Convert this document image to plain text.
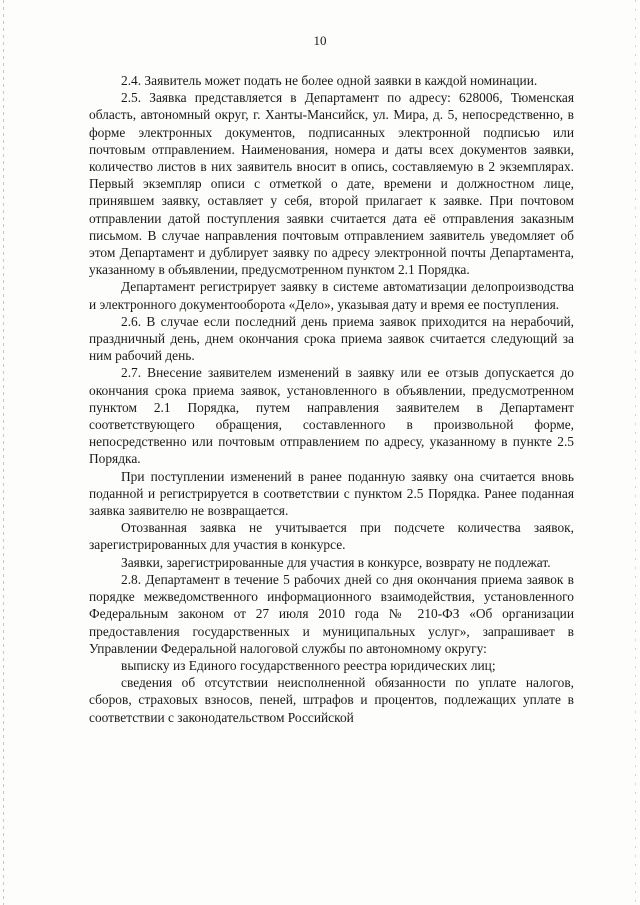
10

2.4. Заявитель может подать не более одной заявки в каждой номинации.

2.5. Заявка представляется в Департамент по адресу: 628006, Тюменская область, автономный округ, г. Ханты-Мансийск, ул. Мира, д. 5, непосредственно, в форме электронных документов, подписанных электронной подписью или почтовым отправлением. Наименования, номера и даты всех документов заявки, количество листов в них заявитель вносит в опись, составляемую в 2 экземплярах. Первый экземпляр описи с отметкой о дате, времени и должностном лице, принявшем заявку, оставляет у себя, второй прилагает к заявке. При почтовом отправлении датой поступления заявки считается дата её отправления заказным письмом. В случае направления почтовым отправлением заявитель уведомляет об этом Департамент и дублирует заявку по адресу электронной почты Департамента, указанному в объявлении, предусмотренном пунктом 2.1 Порядка.

Департамент регистрирует заявку в системе автоматизации делопроизводства и электронного документооборота «Дело», указывая дату и время ее поступления.

2.6. В случае если последний день приема заявок приходится на нерабочий, праздничный день, днем окончания срока приема заявок считается следующий за ним рабочий день.

2.7. Внесение заявителем изменений в заявку или ее отзыв допускается до окончания срока приема заявок, установленного в объявлении, предусмотренном пунктом 2.1 Порядка, путем направления заявителем в Департамент соответствующего обращения, составленного в произвольной форме, непосредственно или почтовым отправлением по адресу, указанному в пункте 2.5 Порядка.

При поступлении изменений в ранее поданную заявку она считается вновь поданной и регистрируется в соответствии с пунктом 2.5 Порядка. Ранее поданная заявка заявителю не возвращается.

Отозванная заявка не учитывается при подсчете количества заявок, зарегистрированных для участия в конкурсе.

Заявки, зарегистрированные для участия в конкурсе, возврату не подлежат.

2.8. Департамент в течение 5 рабочих дней со дня окончания приема заявок в порядке межведомственного информационного взаимодействия, установленного Федеральным законом от 27 июля 2010 года № 210-ФЗ «Об организации предоставления государственных и муниципальных услуг», запрашивает в Управлении Федеральной налоговой службы по автономному округу:

выписку из Единого государственного реестра юридических лиц;

сведения об отсутствии неисполненной обязанности по уплате налогов, сборов, страховых взносов, пеней, штрафов и процентов, подлежащих уплате в соответствии с законодательством Российской
